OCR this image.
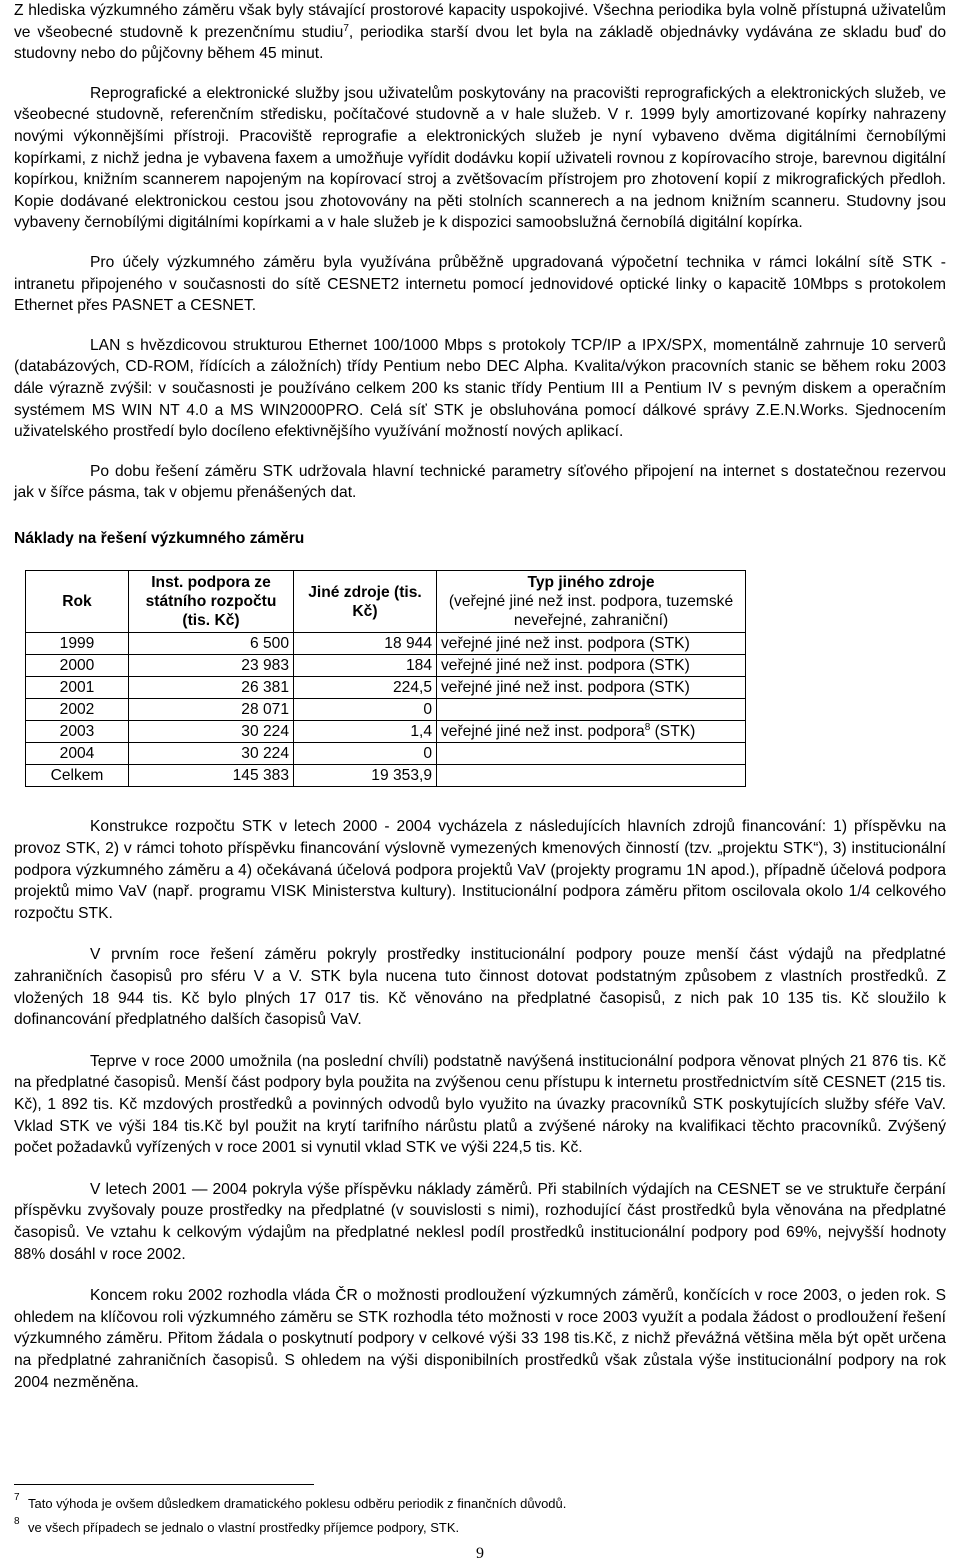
Z hlediska výzkumného záměru však byly stávající prostorové kapacity uspokojivé. Všechna periodika byla volně přístupná uživatelům ve všeobecné studovně k prezenčnímu studiu$^7$, periodika starší dvou let byla na základě objednávky vydávána ze skladu buď do studovny nebo do půjčovny během 45 minut.

Reprografické a elektronické služby jsou uživatelům poskytovány na pracovišti reprografických a elektronických služeb, ve všeobecné studovně, referenčním středisku, počítačové studovně a v hale služeb. V r. 1999 byly amortizované kopírky nahrazeny novými výkonnějšími přístroji. Pracoviště reprografie a elektronických služeb je nyní vybaveno dvěma digitálními černobílými kopírkami, z nichž jedna je vybavena faxem a umožňuje vyřídit dodávku kopií uživateli rovnou z kopírovacího stroje, barevnou digitální kopírkou, knižním scannerem napojeným na kopírovací stroj a zvětšovacím přístrojem pro zhotovení kopií z mikrografických předloh. Kopie dodávané elektronickou cestou jsou zhotovovány na pěti stolních scannerech a na jednom knižním scanneru. Studovny jsou vybaveny černobílými digitálními kopírkami a v hale služeb je k dispozici samoobslužná černobílá digitální kopírka.

Pro účely výzkumného záměru byla využívána průběžně upgradovaná výpočetní technika v rámci lokální sítě STK - intranetu připojeného v současnosti do sítě CESNET2 internetu pomocí jednovidové optické linky o kapacitě 10Mbps s protokolem Ethernet přes PASNET a CESNET.

LAN s hvězdicovou strukturou Ethernet 100/1000 Mbps s protokoly TCP/IP a IPX/SPX, momentálně zahrnuje 10 serverů (databázových, CD-ROM, řídících a záložních) třídy Pentium nebo DEC Alpha. Kvalita/výkon pracovních stanic se během roku 2003 dále výrazně zvýšil: v současnosti je používáno celkem 200 ks stanic třídy Pentium III a Pentium IV s pevným diskem a operačním systémem MS WIN NT 4.0 a MS WIN2000PRO. Celá síť STK je obsluhována pomocí dálkové správy Z.E.N.Works. Sjednocením uživatelského prostředí bylo docíleno efektivnějšího využívání možností nových aplikací.

Po dobu řešení záměru STK udržovala hlavní technické parametry síťového připojení na internet s dostatečnou rezervou jak v šířce pásma, tak v objemu přenášených dat.

Náklady na řešení výzkumného záměru
Rok	Inst. podpora ze státního rozpočtu (tis. Kč)	Jiné zdroje (tis. Kč)	Typ jiného zdroje
(veřejné jiné než inst. podpora, tuzemské neveřejné, zahraniční)
1999	6 500	18 944	veřejné jiné než inst. podpora (STK)
2000	23 983	184	veřejné jiné než inst. podpora (STK)
2001	26 381	224,5	veřejné jiné než inst. podpora (STK)
2002	28 071	0	
2003	30 224	1,4	veřejné jiné než inst. podpora$^8$ (STK)
2004	30 224	0	
Celkem	145 383	19 353,9	

Konstrukce rozpočtu STK v letech 2000 - 2004 vycházela z následujících hlavních zdrojů financování: 1) příspěvku na provoz STK, 2) v rámci tohoto příspěvku financování výslovně vymezených kmenových činností (tzv. „projektu STK“), 3) institucionální podpora výzkumného záměru a 4) očekávaná účelová podpora projektů VaV (projekty programu 1N apod.), případně účelová podpora projektů mimo VaV (např. programu VISK Ministerstva kultury). Institucionální podpora záměru přitom oscilovala okolo 1/4 celkového rozpočtu STK.

V prvním roce řešení záměru pokryly prostředky institucionální podpory pouze menší část výdajů na předplatné zahraničních časopisů pro sféru V a V. STK byla nucena tuto činnost dotovat podstatným způsobem z vlastních prostředků. Z vložených 18 944 tis. Kč bylo plných 17 017 tis. Kč věnováno na předplatné časopisů, z nich pak 10 135 tis. Kč sloužilo k dofinancování předplatného dalších časopisů VaV.

Teprve v roce 2000 umožnila (na poslední chvíli) podstatně navýšená institucionální podpora věnovat plných 21 876 tis. Kč na předplatné časopisů. Menší část podpory byla použita na zvýšenou cenu přístupu k internetu prostřednictvím sítě CESNET (215 tis. Kč), 1 892 tis. Kč mzdových prostředků a povinných odvodů bylo využito na úvazky pracovníků STK poskytujících služby sféře VaV. Vklad STK ve výši 184 tis.Kč byl použit na krytí tarifního nárůstu platů a zvýšené nároky na kvalifikaci těchto pracovníků. Zvýšený počet požadavků vyřízených v roce 2001 si vynutil vklad STK ve výši 224,5 tis. Kč.

V letech 2001 — 2004 pokryla výše příspěvku náklady záměrů. Při stabilních výdajích na CESNET se ve struktuře čerpání příspěvku zvyšovaly pouze prostředky na předplatné (v souvislosti s nimi), rozhodující část prostředků byla věnována na předplatné časopisů. Ve vztahu k celkovým výdajům na předplatné neklesl podíl prostředků institucionální podpory pod 69%, nejvyšší hodnoty 88% dosáhl v roce 2002.

Koncem roku 2002 rozhodla vláda ČR o možnosti prodloužení výzkumných záměrů, končících v roce 2003, o jeden rok. S ohledem na klíčovou roli výzkumného záměru se STK rozhodla této možnosti v roce 2003 využít a podala žádost o prodloužení řešení výzkumného záměru. Přitom žádala o poskytnutí podpory v celkové výši 33 198 tis.Kč, z nichž převážná většina měla být opět určena na předplatné zahraničních časopisů. S ohledem na výši disponibilních prostředků však zůstala výše institucionální podpory na rok 2004 nezměněna.

7 Tato výhoda je ovšem důsledkem dramatického poklesu odběru periodik z finančních důvodů.
8 ve všech případech se jednalo o vlastní prostředky příjemce podpory, STK.
9
